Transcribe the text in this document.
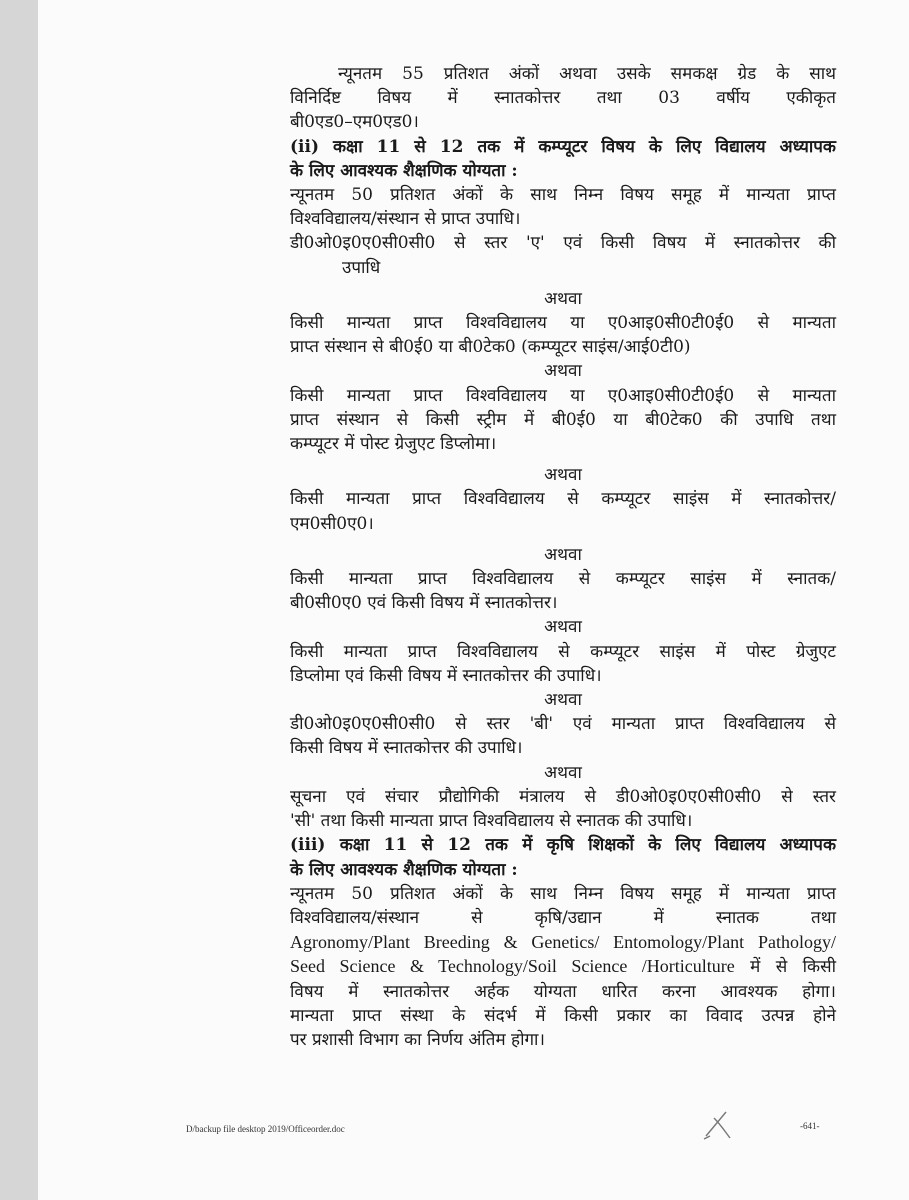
न्यूनतम 55 प्रतिशत अंकों अथवा उसके समकक्ष ग्रेड के साथ

विनिर्दिष्ट विषय में स्नातकोत्तर तथा 03 वर्षीय एकीकृत

बी0एड0–एम0एड0।

(ii) कक्षा 11 से 12 तक में कम्प्यूटर विषय के लिए विद्यालय अध्यापक

के लिए आवश्यक शैक्षणिक योग्यता :

न्यूनतम 50 प्रतिशत अंकों के साथ निम्न विषय समूह में मान्यता प्राप्त

विश्वविद्यालय/संस्थान से प्राप्त उपाधि।

डी0ओ0इ0ए0सी0सी0 से स्तर 'ए' एवं किसी विषय में स्नातकोत्तर की

उपाधि

अथवा

किसी मान्यता प्राप्त विश्वविद्यालय या ए0आइ0सी0टी0ई0 से मान्यता

प्राप्त संस्थान से बी0ई0 या बी0टेक0 (कम्प्यूटर साइंस/आई0टी0)

अथवा

किसी मान्यता प्राप्त विश्वविद्यालय या ए0आइ0सी0टी0ई0 से मान्यता

प्राप्त संस्थान से किसी स्ट्रीम में बी0ई0 या बी0टेक0 की उपाधि तथा

कम्प्यूटर में पोस्ट ग्रेजुएट डिप्लोमा।

अथवा

किसी मान्यता प्राप्त विश्वविद्यालय से कम्प्यूटर साइंस में स्नातकोत्तर/

एम0सी0ए0।

अथवा

किसी मान्यता प्राप्त विश्वविद्यालय से कम्प्यूटर साइंस में स्नातक/

बी0सी0ए0 एवं किसी विषय में स्नातकोत्तर।

अथवा

किसी मान्यता प्राप्त विश्वविद्यालय से कम्प्यूटर साइंस में पोस्ट ग्रेजुएट

डिप्लोमा एवं किसी विषय में स्नातकोत्तर की उपाधि।

अथवा

डी0ओ0इ0ए0सी0सी0 से स्तर 'बी' एवं मान्यता प्राप्त विश्वविद्यालय से

किसी विषय में स्नातकोत्तर की उपाधि।

अथवा

सूचना एवं संचार प्रौद्योगिकी मंत्रालय से डी0ओ0इ0ए0सी0सी0 से स्तर

'सी' तथा किसी मान्यता प्राप्त विश्वविद्यालय से स्नातक की उपाधि।

(iii) कक्षा 11 से 12 तक में कृषि शिक्षकों के लिए विद्यालय अध्यापक

के लिए आवश्यक शैक्षणिक योग्यता :

न्यूनतम 50 प्रतिशत अंकों के साथ निम्न विषय समूह में मान्यता प्राप्त

विश्वविद्यालय/संस्थान से कृषि/उद्यान में स्नातक तथा

Agronomy/Plant Breeding & Genetics/ Entomology/Plant Pathology/

Seed Science & Technology/Soil Science /Horticulture में से किसी

विषय में स्नातकोत्तर अर्हक योग्यता धारित करना आवश्यक होगा।

मान्यता प्राप्त संस्था के संदर्भ में किसी प्रकार का विवाद उत्पन्न होने

पर प्रशासी विभाग का निर्णय अंतिम होगा।

D/backup file desktop 2019/Officeorder.doc	-641-
